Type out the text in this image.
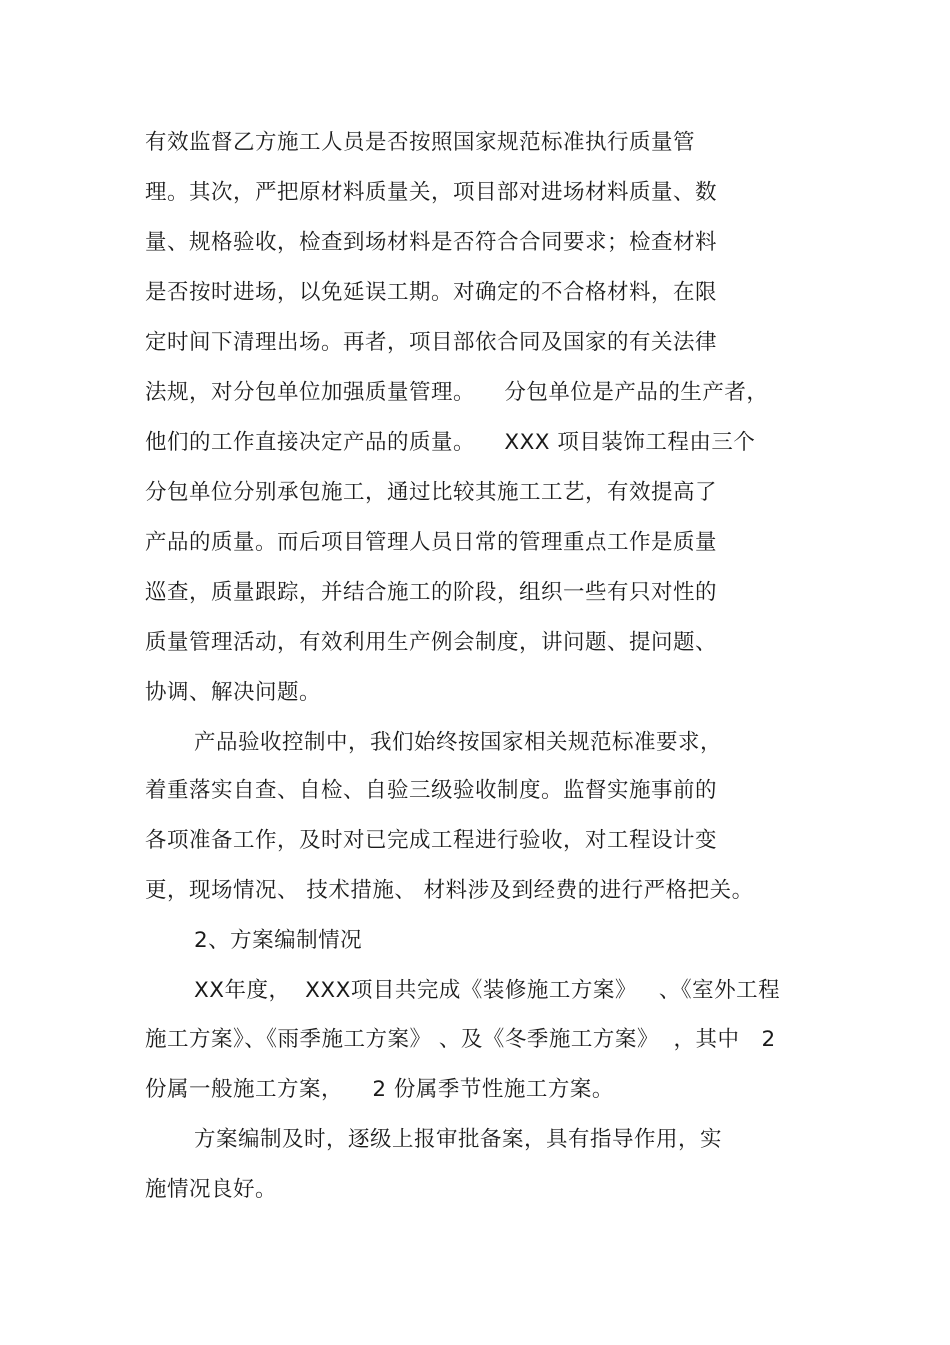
有效监督乙方施工人员是否按照国家规范标准执行质量管
理。其次，严把原材料质量关，项目部对进场材料质量、数
量、规格验收，检查到场材料是否符合合同要求；检查材料
是否按时进场，以免延误工期。对确定的不合格材料，在限
定时间下清理出场。再者，项目部依合同及国家的有关法律
法规，对分包单位加强质量管理。    分包单位是产品的生产者，
他们的工作直接决定产品的质量。    XXX 项目装饰工程由三个
分包单位分别承包施工，通过比较其施工工艺，有效提高了
产品的质量。而后项目管理人员日常的管理重点工作是质量
巡查，质量跟踪，并结合施工的阶段，组织一些有只对性的
质量管理活动，有效利用生产例会制度，讲问题、提问题、
协调、解决问题。
产品验收控制中，我们始终按国家相关规范标准要求，
着重落实自查、自检、自验三级验收制度。监督实施事前的
各项准备工作，及时对已完成工程进行验收，对工程设计变
更，现场情况、 技术措施、 材料涉及到经费的进行严格把关。
2、方案编制情况
XX年度，  XXX项目共完成《装修施工方案》   、《室外工程
施工方案》、《雨季施工方案》 、及《冬季施工方案》  ，其中   2
份属一般施工方案，    2 份属季节性施工方案。
方案编制及时，逐级上报审批备案，具有指导作用，实
施情况良好。
